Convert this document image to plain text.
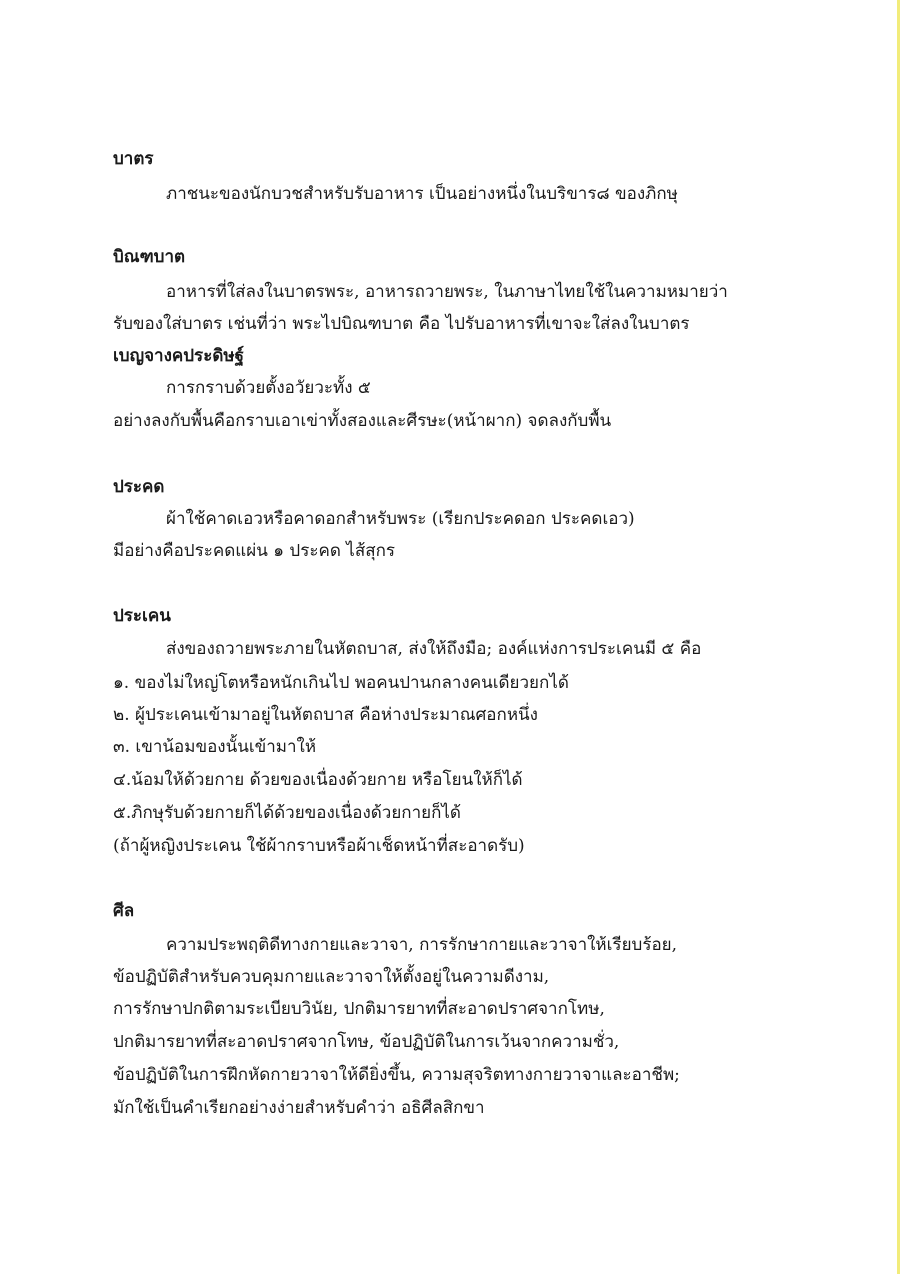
บาตร
ภาชนะของนักบวชสำหรับรับอาหาร เป็นอย่างหนึ่งในบริขาร๘ ของภิกษุ
บิณฑบาต
อาหารที่ใส่ลงในบาตรพระ, อาหารถวายพระ, ในภาษาไทยใช้ในความหมายว่า
รับของใส่บาตร เช่นที่ว่า พระไปบิณฑบาต คือ ไปรับอาหารที่เขาจะใส่ลงในบาตร
เบญจางคประดิษฐ์
การกราบด้วยตั้งอวัยวะทั้ง ๕
อย่างลงกับพื้นคือกราบเอาเข่าทั้งสองและศีรษะ(หน้าผาก) จดลงกับพื้น
ประคด
ผ้าใช้คาดเอวหรือคาดอกสำหรับพระ (เรียกประคดอก ประคดเอว)
มีอย่างคือประคดแผ่น ๑ ประคด ไส้สุกร
ประเคน
ส่งของถวายพระภายในหัตถบาส, ส่งให้ถึงมือ; องค์แห่งการประเคนมี ๕ คือ
๑. ของไม่ใหญ่โตหรือหนักเกินไป พอคนปานกลางคนเดียวยกได้
๒. ผู้ประเคนเข้ามาอยู่ในหัตถบาส คือห่างประมาณศอกหนึ่ง
๓. เขาน้อมของนั้นเข้ามาให้
๔.น้อมให้ด้วยกาย ด้วยของเนื่องด้วยกาย หรือโยนให้ก็ได้
๕.ภิกษุรับด้วยกายก็ได้ด้วยของเนื่องด้วยกายก็ได้
(ถ้าผู้หญิงประเคน ใช้ผ้ากราบหรือผ้าเช็ดหน้าที่สะอาดรับ)
ศีล
ความประพฤติดีทางกายและวาจา, การรักษากายและวาจาให้เรียบร้อย,
ข้อปฏิบัติสำหรับควบคุมกายและวาจาให้ตั้งอยู่ในความดีงาม,
การรักษาปกติตามระเบียบวินัย, ปกติมารยาทที่สะอาดปราศจากโทษ,
ปกติมารยาทที่สะอาดปราศจากโทษ, ข้อปฏิบัติในการเว้นจากความชั่ว,
ข้อปฏิบัติในการฝึกหัดกายวาจาให้ดียิ่งขึ้น, ความสุจริตทางกายวาจาและอาชีพ;
มักใช้เป็นคำเรียกอย่างง่ายสำหรับคำว่า อธิศีลสิกขา
